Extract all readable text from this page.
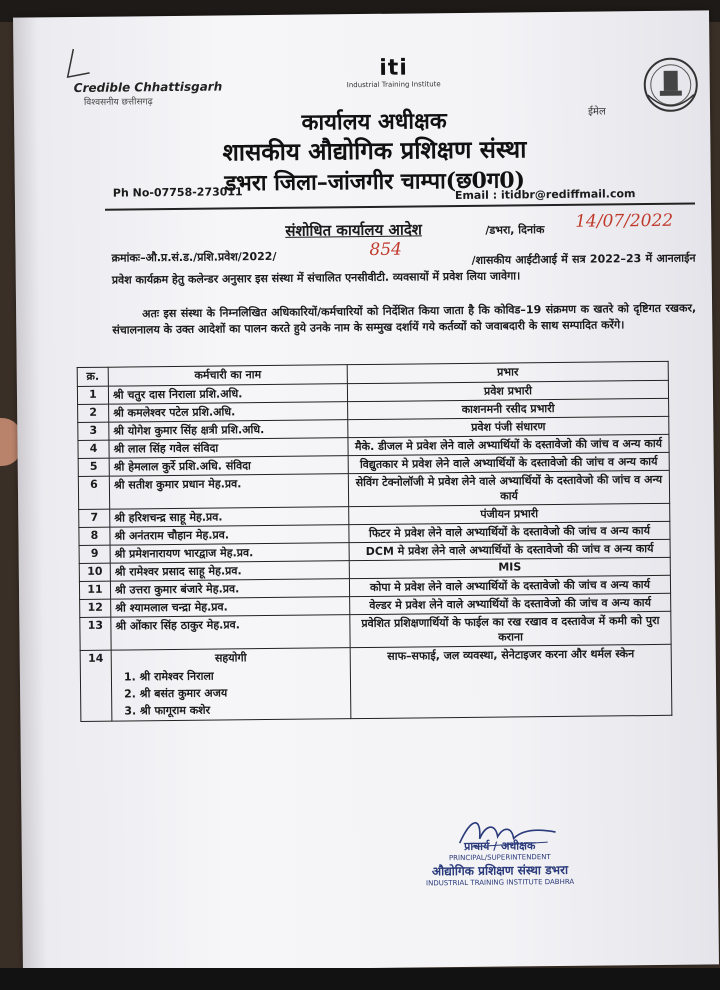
Credible Chhattisgarh
विश्वसनीय छत्तीसगढ़
iti
Industrial Training Institute
ईमेल
कार्यालय अधीक्षक
शासकीय औद्योगिक प्रशिक्षण संस्था
डभरा जिला–जांजगीर चाम्पा(छ0ग0)
Ph No-07758-273011	Email : itidbr@rediffmail.com
संशोधित कार्यालय आदेश	/डभरा, दिनांक 14/07/2022
क्रमांकः–औ.प्र.सं.ड./प्रशि.प्रवेश/2022/	854	/शासकीय आईटीआई में सत्र 2022–23 में आनलाईन प्रवेश कार्यक्रम हेतु कलेन्डर अनुसार इस संस्था में संचालित एनसीवीटी. व्यवसायों में प्रवेश लिया जावेगा।
अतः इस संस्था के निम्नलिखित अधिकारियों/कर्मचारियों को निर्देशित किया जाता है कि कोविड–19 संक्रमण क खतरे को दृष्टिगत रखकर, संचालनालय के उक्त आदेशों का पालन करते हुये उनके नाम के सम्मुख दर्शायें गये कर्तव्यों को जवाबदारी के साथ सम्पादित करेंगे।
क्र.	कर्मचारी का नाम	प्रभार
1	श्री चतुर दास निराला प्रशि.अधि.	प्रवेश प्रभारी
2	श्री कमलेश्वर पटेल प्रशि.अधि.	काशनमनी रसीद प्रभारी
3	श्री योगेश कुमार सिंह क्षत्री प्रशि.अधि.	प्रवेश पंजी संधारण
4	श्री लाल सिंह गवेल संविदा	मैके. डीजल मे प्रवेश लेने वाले अभ्यार्थियों के दस्तावेजो की जांच व अन्य कार्य
5	श्री हेमलाल कुर्रे प्रशि.अधि. संविदा	विद्युतकार मे प्रवेश लेने वाले अभ्यार्थियों के दस्तावेजो की जांच व अन्य कार्य
6	श्री सतीश कुमार प्रधान मेह.प्रव.	सेविंग टेक्नोलॉजी मे प्रवेश लेने वाले अभ्यार्थियों के दस्तावेजो की जांच व अन्य कार्य
7	श्री हरिशचन्द्र साहू मेह.प्रव.	पंजीयन प्रभारी
8	श्री अनंतराम चौहान मेह.प्रव.	फिटर मे प्रवेश लेने वाले अभ्यार्थियों के दस्तावेजो की जांच व अन्य कार्य
9	श्री प्रमेशनारायण भारद्वाज मेह.प्रव.	DCM मे प्रवेश लेने वाले अभ्यार्थियों के दस्तावेजो की जांच व अन्य कार्य
10	श्री रामेश्वर प्रसाद साहू मेह.प्रव.	MIS
11	श्री उत्तरा कुमार बंजारे मेह.प्रव.	कोपा मे प्रवेश लेने वाले अभ्यार्थियों के दस्तावेजो की जांच व अन्य कार्य
12	श्री श्यामलाल चन्द्रा मेह.प्रव.	वेल्डर मे प्रवेश लेने वाले अभ्यार्थियों के दस्तावेजो की जांच व अन्य कार्य
13	श्री ओंकार सिंह ठाकुर मेह.प्रव.	प्रवेशित प्रशिक्षणार्थियों के फाईल का रख रखाव व दस्तावेज में कमी को पुरा कराना
14	सहयोगी
1. श्री रामेश्वर निराला
2. श्री बसंत कुमार अजय
3. श्री फागूराम कशेर	साफ–सफाई, जल व्यवस्था, सेनेटाइजर करना और थर्मल स्केन
प्राचार्य / अधीक्षक
PRINCIPAL/SUPERINTENDENT
औद्योगिक प्रशिक्षण संस्था डभरा
INDUSTRIAL TRAINING INSTITUTE DABHRA
